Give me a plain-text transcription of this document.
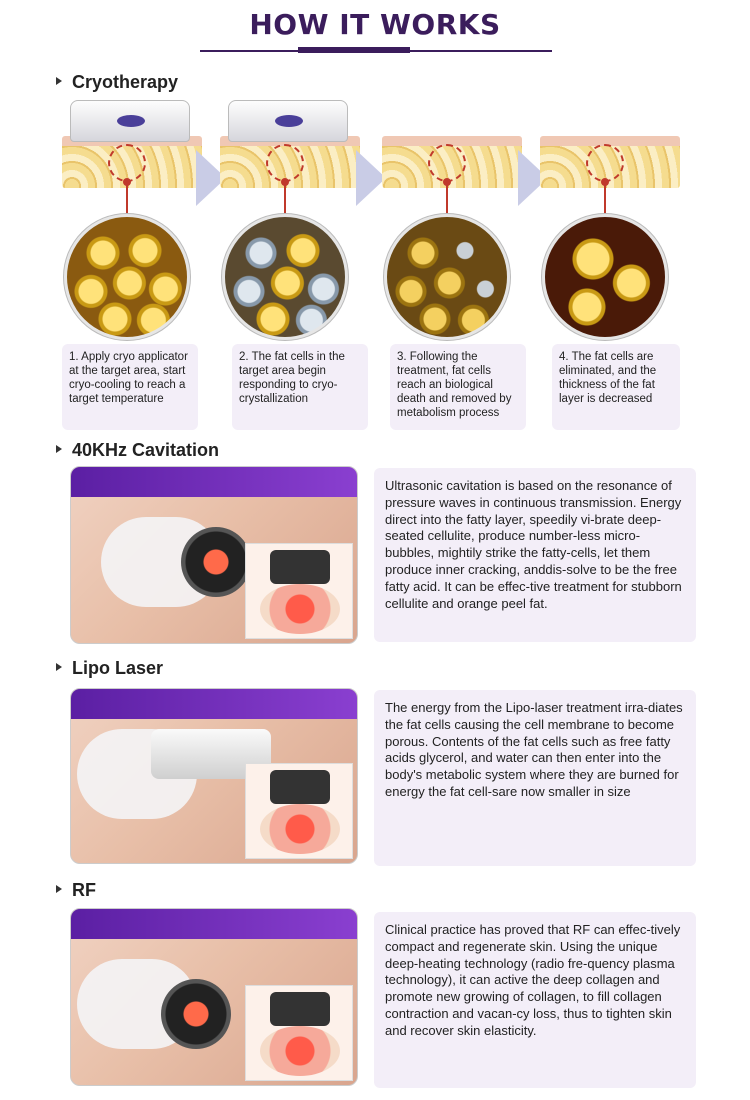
HOW IT WORKS
Cryotherapy
1. Apply cryo applicator at the target area, start cryo-cooling to reach a target temperature
2. The fat cells in the target area begin responding to cryo-crystallization
3. Following the treatment, fat cells reach an biological death and removed by metabolism process
4. The fat cells are eliminated, and the thickness of the fat layer is decreased
40KHz Cavitation
Ultrasonic cavitation is based on the resonance of pressure waves in continuous transmission. Energy direct into the fatty layer, speedily vi-brate deep-seated cellulite, produce number-less micro-bubbles, mightily strike the fatty-cells, let them produce inner cracking, anddis-solve to be the free fatty acid. It can be effec-tive treatment for stubborn cellulite and orange peel fat.
Lipo Laser
The energy from the Lipo-laser treatment irra-diates the fat cells causing the cell membrane to become porous. Contents of the fat cells such as free fatty acids glycerol, and water can then enter into the body's metabolic system where they are burned for energy the fat cell-sare now smaller in size
RF
Clinical practice has proved that RF can effec-tively compact and regenerate skin. Using the unique deep-heating technology (radio fre-quency plasma technology), it can active the deep collagen and promote new growing of collagen, to fill collagen contraction and vacan-cy loss, thus to tighten skin and recover skin elasticity.
